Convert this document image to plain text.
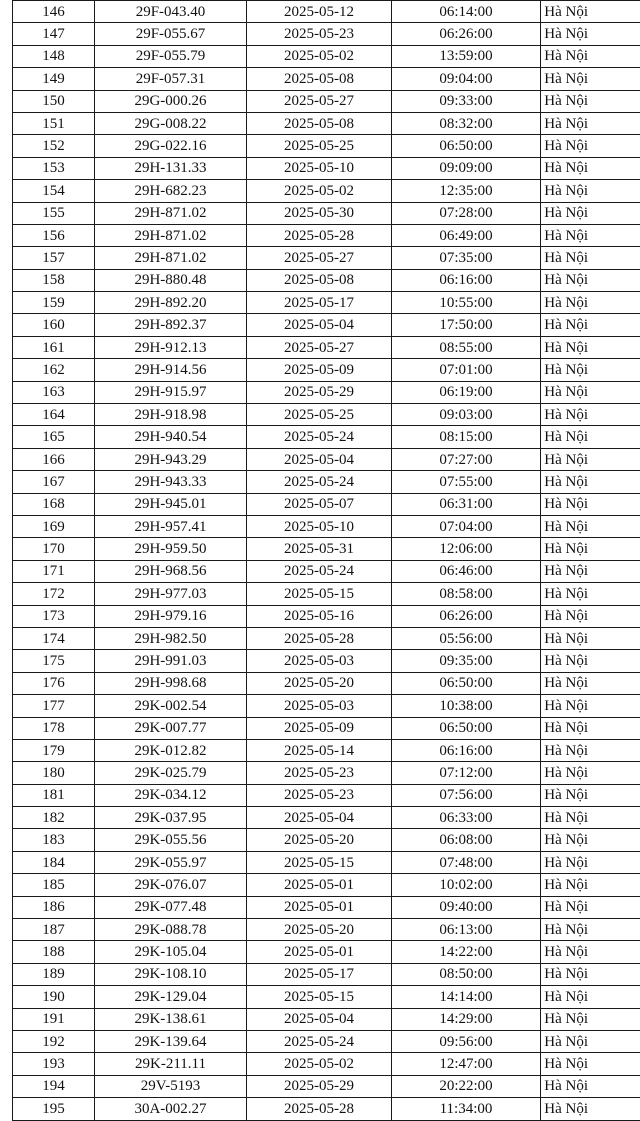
146	29F-043.40	2025-05-12	06:14:00	Hà Nội
147	29F-055.67	2025-05-23	06:26:00	Hà Nội
148	29F-055.79	2025-05-02	13:59:00	Hà Nội
149	29F-057.31	2025-05-08	09:04:00	Hà Nội
150	29G-000.26	2025-05-27	09:33:00	Hà Nội
151	29G-008.22	2025-05-08	08:32:00	Hà Nội
152	29G-022.16	2025-05-25	06:50:00	Hà Nội
153	29H-131.33	2025-05-10	09:09:00	Hà Nội
154	29H-682.23	2025-05-02	12:35:00	Hà Nội
155	29H-871.02	2025-05-30	07:28:00	Hà Nội
156	29H-871.02	2025-05-28	06:49:00	Hà Nội
157	29H-871.02	2025-05-27	07:35:00	Hà Nội
158	29H-880.48	2025-05-08	06:16:00	Hà Nội
159	29H-892.20	2025-05-17	10:55:00	Hà Nội
160	29H-892.37	2025-05-04	17:50:00	Hà Nội
161	29H-912.13	2025-05-27	08:55:00	Hà Nội
162	29H-914.56	2025-05-09	07:01:00	Hà Nội
163	29H-915.97	2025-05-29	06:19:00	Hà Nội
164	29H-918.98	2025-05-25	09:03:00	Hà Nội
165	29H-940.54	2025-05-24	08:15:00	Hà Nội
166	29H-943.29	2025-05-04	07:27:00	Hà Nội
167	29H-943.33	2025-05-24	07:55:00	Hà Nội
168	29H-945.01	2025-05-07	06:31:00	Hà Nội
169	29H-957.41	2025-05-10	07:04:00	Hà Nội
170	29H-959.50	2025-05-31	12:06:00	Hà Nội
171	29H-968.56	2025-05-24	06:46:00	Hà Nội
172	29H-977.03	2025-05-15	08:58:00	Hà Nội
173	29H-979.16	2025-05-16	06:26:00	Hà Nội
174	29H-982.50	2025-05-28	05:56:00	Hà Nội
175	29H-991.03	2025-05-03	09:35:00	Hà Nội
176	29H-998.68	2025-05-20	06:50:00	Hà Nội
177	29K-002.54	2025-05-03	10:38:00	Hà Nội
178	29K-007.77	2025-05-09	06:50:00	Hà Nội
179	29K-012.82	2025-05-14	06:16:00	Hà Nội
180	29K-025.79	2025-05-23	07:12:00	Hà Nội
181	29K-034.12	2025-05-23	07:56:00	Hà Nội
182	29K-037.95	2025-05-04	06:33:00	Hà Nội
183	29K-055.56	2025-05-20	06:08:00	Hà Nội
184	29K-055.97	2025-05-15	07:48:00	Hà Nội
185	29K-076.07	2025-05-01	10:02:00	Hà Nội
186	29K-077.48	2025-05-01	09:40:00	Hà Nội
187	29K-088.78	2025-05-20	06:13:00	Hà Nội
188	29K-105.04	2025-05-01	14:22:00	Hà Nội
189	29K-108.10	2025-05-17	08:50:00	Hà Nội
190	29K-129.04	2025-05-15	14:14:00	Hà Nội
191	29K-138.61	2025-05-04	14:29:00	Hà Nội
192	29K-139.64	2025-05-24	09:56:00	Hà Nội
193	29K-211.11	2025-05-02	12:47:00	Hà Nội
194	29V-5193	2025-05-29	20:22:00	Hà Nội
195	30A-002.27	2025-05-28	11:34:00	Hà Nội
